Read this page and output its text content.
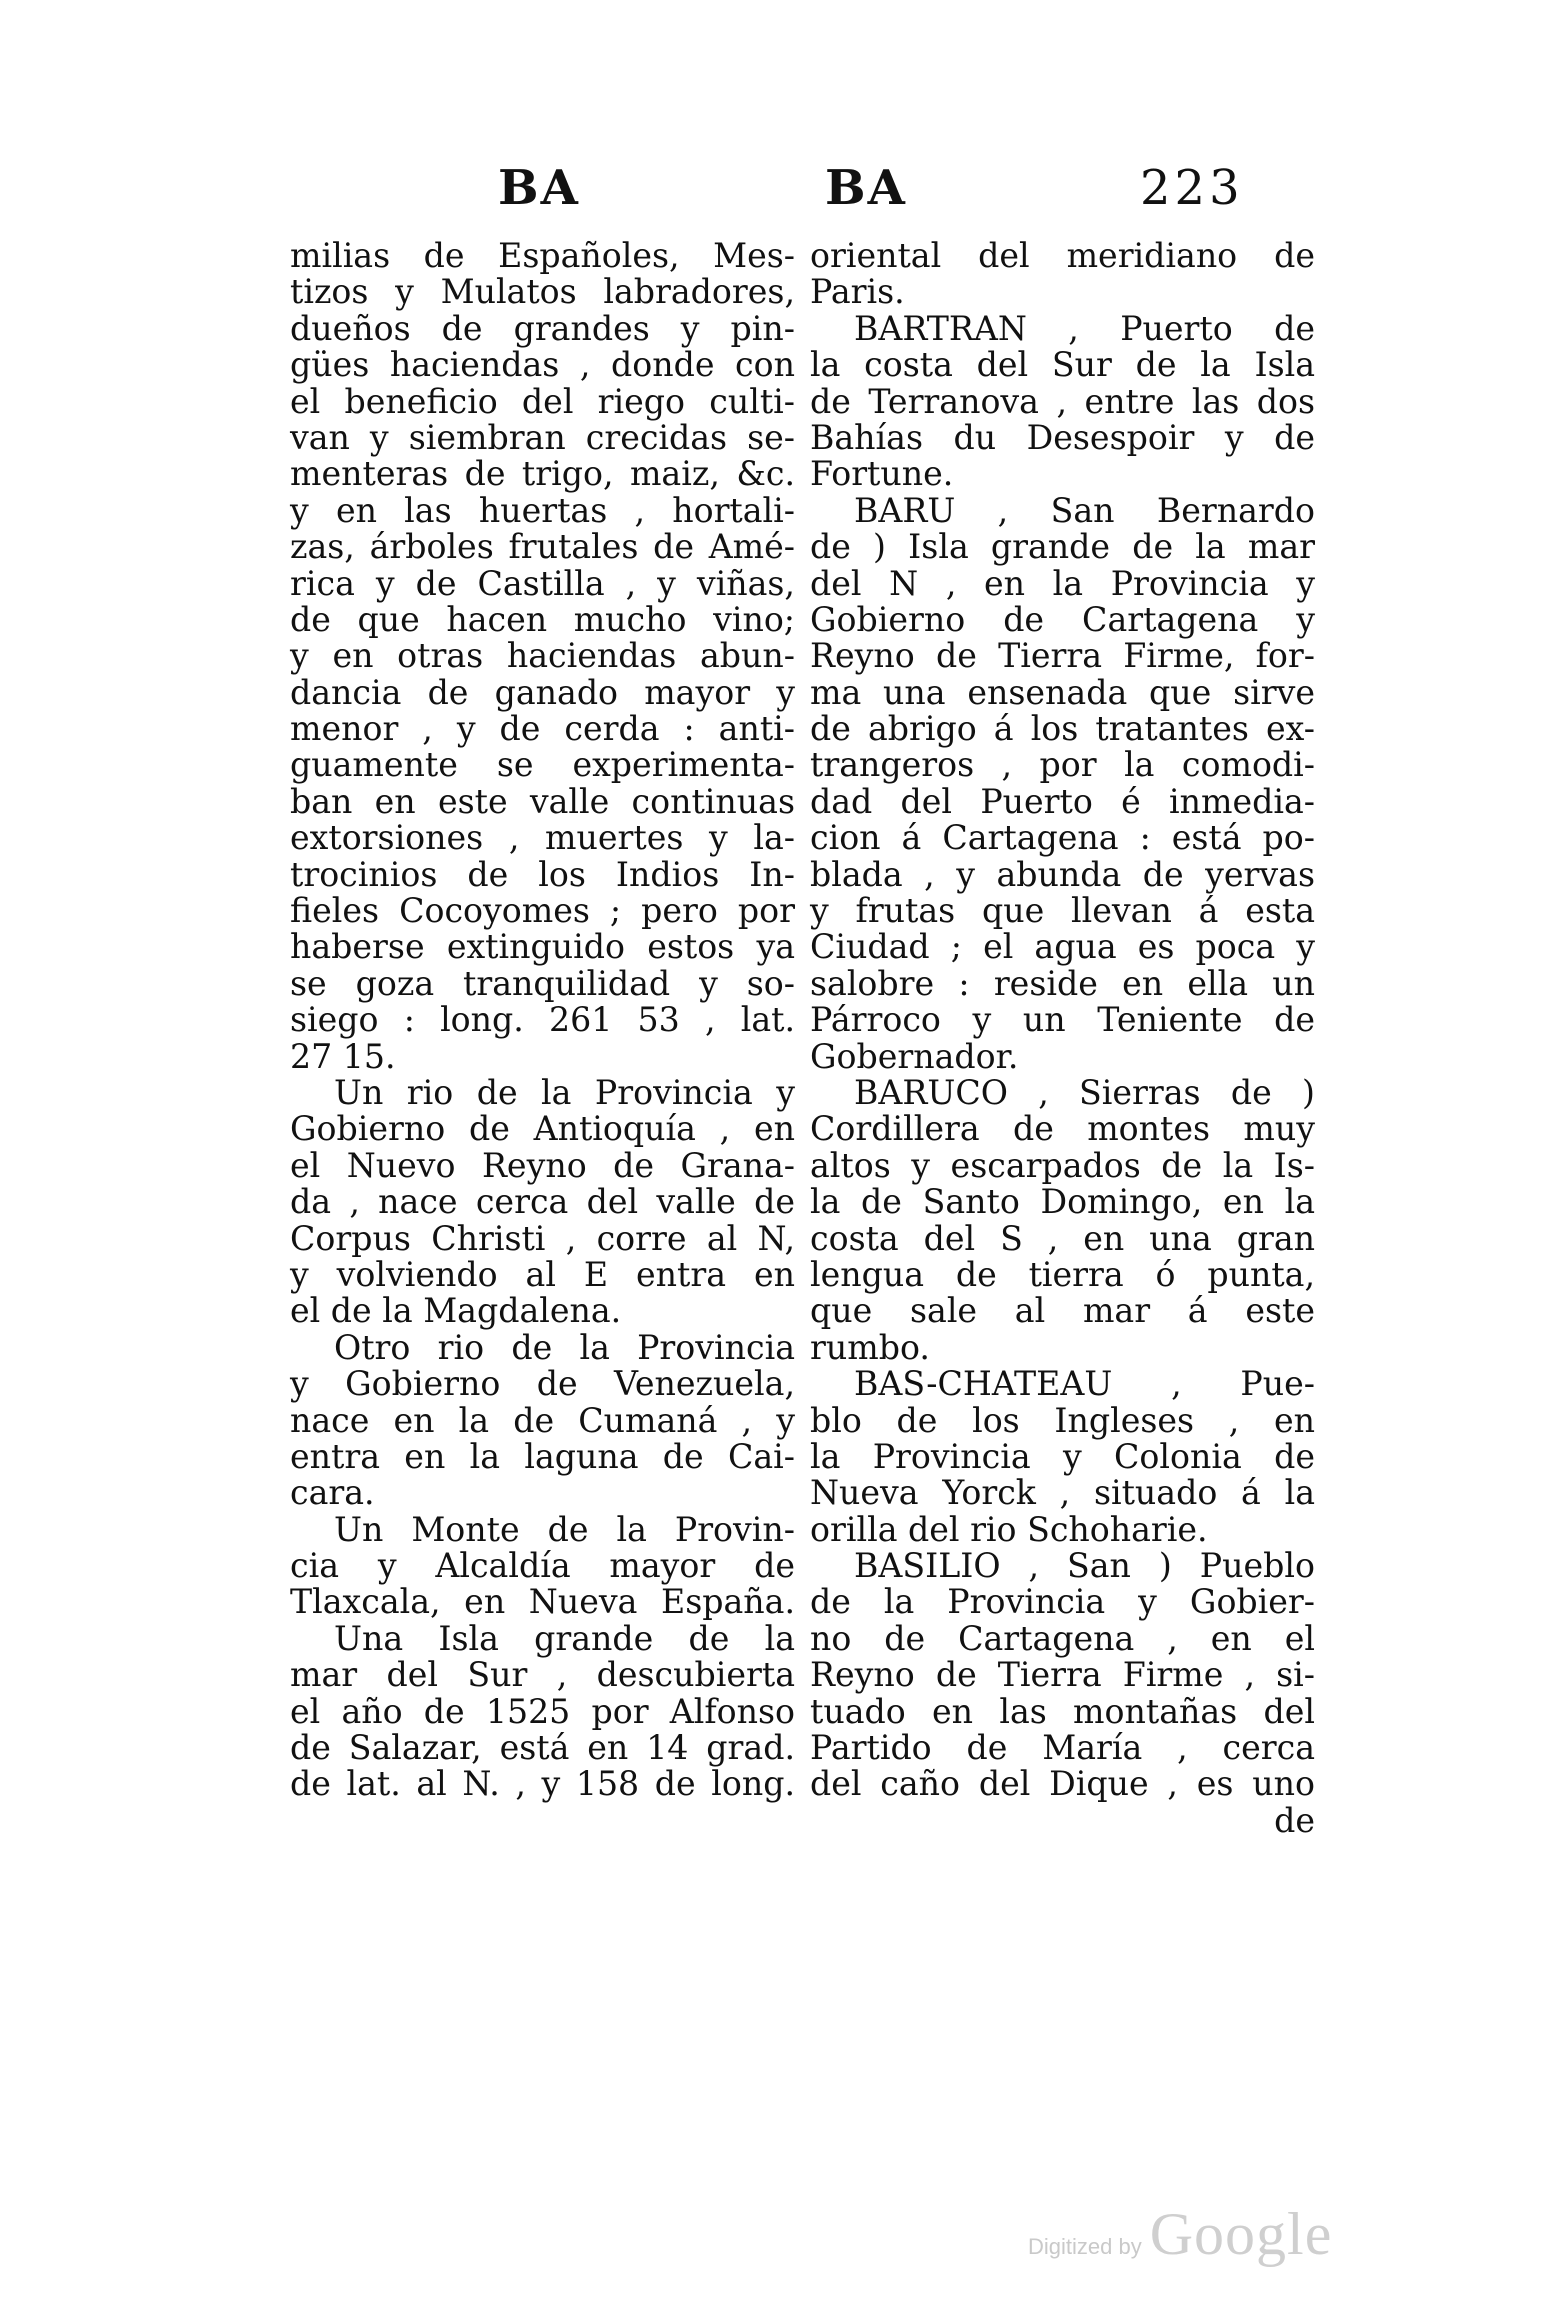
BA	BA	223
milias de Españoles, Mes-
tizos y Mulatos labradores,
dueños de grandes y pin-
gües haciendas , donde con
el beneficio del riego culti-
van y siembran crecidas se-
menteras de trigo, maiz, &c.
y en las huertas , hortali-
zas, árboles frutales de Amé-
rica y de Castilla , y viñas,
de que hacen mucho vino;
y en otras haciendas abun-
dancia de ganado mayor y
menor , y de cerda : anti-
guamente se experimenta-
ban en este valle continuas
extorsiones , muertes y la-
trocinios de los Indios In-
fieles Cocoyomes ; pero por
haberse extinguido estos ya
se goza tranquilidad y so-
siego : long. 261 53 , lat.
27 15.
Un rio de la Provincia y
Gobierno de Antioquía , en
el Nuevo Reyno de Grana-
da , nace cerca del valle de
Corpus Christi , corre al N,
y volviendo al E entra en
el de la Magdalena.
Otro rio de la Provincia
y Gobierno de Venezuela,
nace en la de Cumaná , y
entra en la laguna de Cai-
cara.
Un Monte de la Provin-
cia y Alcaldía mayor de
Tlaxcala, en Nueva España.
Una Isla grande de la
mar del Sur , descubierta
el año de 1525 por Alfonso
de Salazar, está en 14 grad.
de lat. al N. , y 158 de long.
oriental del meridiano de
Paris.
BARTRAN , Puerto de
la costa del Sur de la Isla
de Terranova , entre las dos
Bahías du Desespoir y de
Fortune.
BARU , San Bernardo
de ) Isla grande de la mar
del N , en la Provincia y
Gobierno de Cartagena y
Reyno de Tierra Firme, for-
ma una ensenada que sirve
de abrigo á los tratantes ex-
trangeros , por la comodi-
dad del Puerto é inmedia-
cion á Cartagena : está po-
blada , y abunda de yervas
y frutas que llevan á esta
Ciudad ; el agua es poca y
salobre : reside en ella un
Párroco y un Teniente de
Gobernador.
BARUCO , Sierras de )
Cordillera de montes muy
altos y escarpados de la Is-
la de Santo Domingo, en la
costa del S , en una gran
lengua de tierra ó punta,
que sale al mar á este
rumbo.
BAS-CHATEAU , Pue-
blo de los Ingleses , en
la Provincia y Colonia de
Nueva Yorck , situado á la
orilla del rio Schoharie.
BASILIO , San ) Pueblo
de la Provincia y Gobier-
no de Cartagena , en el
Reyno de Tierra Firme , si-
tuado en las montañas del
Partido de María , cerca
del caño del Dique , es uno
de
Digitized by Google
